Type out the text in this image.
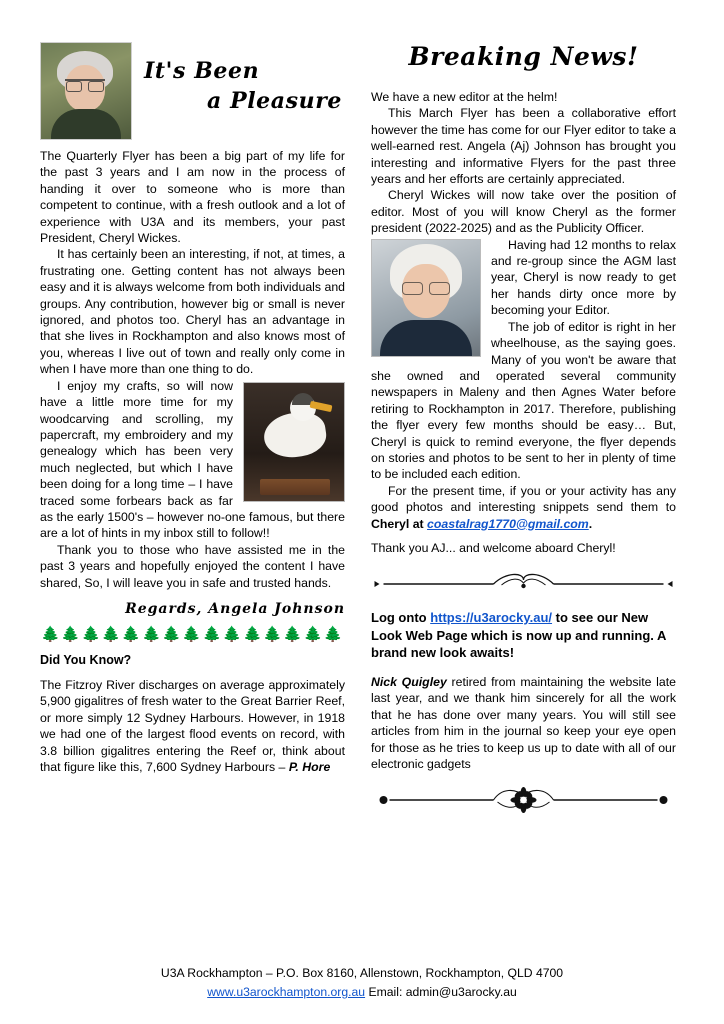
It's Been
a Pleasure

The Quarterly Flyer has been a big part of my life for the past 3 years and I am now in the process of handing it over to someone who is more than competent to continue, with a fresh outlook and a lot of experience with U3A and its members, your past President, Cheryl Wickes.

It has certainly been an interesting, if not, at times, a frustrating one. Getting content has not always been easy and it is always welcome from both individuals and groups. Any contribution, however big or small is never ignored, and photos too. Cheryl has an advantage in that she lives in Rockhampton and also knows most of you, whereas I live out of town and really only come in when I have more than one thing to do.

I enjoy my crafts, so will now have a little more time for my woodcarving and scrolling, my papercraft, my embroidery and my genealogy which has been very much neglected, but which I have been doing for a long time – I have traced some forbears back as far as the early 1500's – however no-one famous, but there are a lot of hints in my inbox still to follow!!

Thank you to those who have assisted me in the past 3 years and hopefully enjoyed the content I have shared, So, I will leave you in safe and trusted hands.

Regards, Angela Johnson
🌲🌲🌲🌲🌲🌲🌲🌲🌲🌲🌲🌲🌲🌲🌲
Did You Know?

The Fitzroy River discharges on average approximately 5,900 gigalitres of fresh water to the Great Barrier Reef, or more simply 12 Sydney Harbours. However, in 1918 we had one of the largest flood events on record, with 3.8 billion gigalitres entering the Reef or, think about that figure like this, 7,600 Sydney Harbours – P. Hore

Breaking News!

We have a new editor at the helm!

This March Flyer has been a collaborative effort however the time has come for our Flyer editor to take a well-earned rest. Angela (Aj) Johnson has brought you interesting and informative Flyers for the past three years and her efforts are certainly appreciated.

Cheryl Wickes will now take over the position of editor. Most of you will know Cheryl as the former president (2022-2025) and as the Publicity Officer.

Having had 12 months to relax and re-group since the AGM last year, Cheryl is now ready to get her hands dirty once more by becoming your Editor.

The job of editor is right in her wheelhouse, as the saying goes. Many of you won't be aware that she owned and operated several community newspapers in Maleny and then Agnes Water before retiring to Rockhampton in 2017. Therefore, publishing the flyer every few months should be easy… But, Cheryl is quick to remind everyone, the flyer depends on stories and photos to be sent to her in plenty of time to be included each edition.

For the present time, if you or your activity has any good photos and interesting snippets send them to Cheryl at coastalrag1770@gmail.com.

Thank you AJ... and welcome aboard Cheryl!

Log onto https://u3arocky.au/ to see our New Look Web Page which is now up and running. A brand new look awaits!

Nick Quigley retired from maintaining the website late last year, and we thank him sincerely for all the work that he has done over many years. You will still see articles from him in the journal so keep your eye open for those as he tries to keep us up to date with all of our electronic gadgets

U3A Rockhampton – P.O. Box 8160, Allenstown, Rockhampton, QLD 4700
www.u3arockhampton.org.au Email: admin@u3arocky.au
